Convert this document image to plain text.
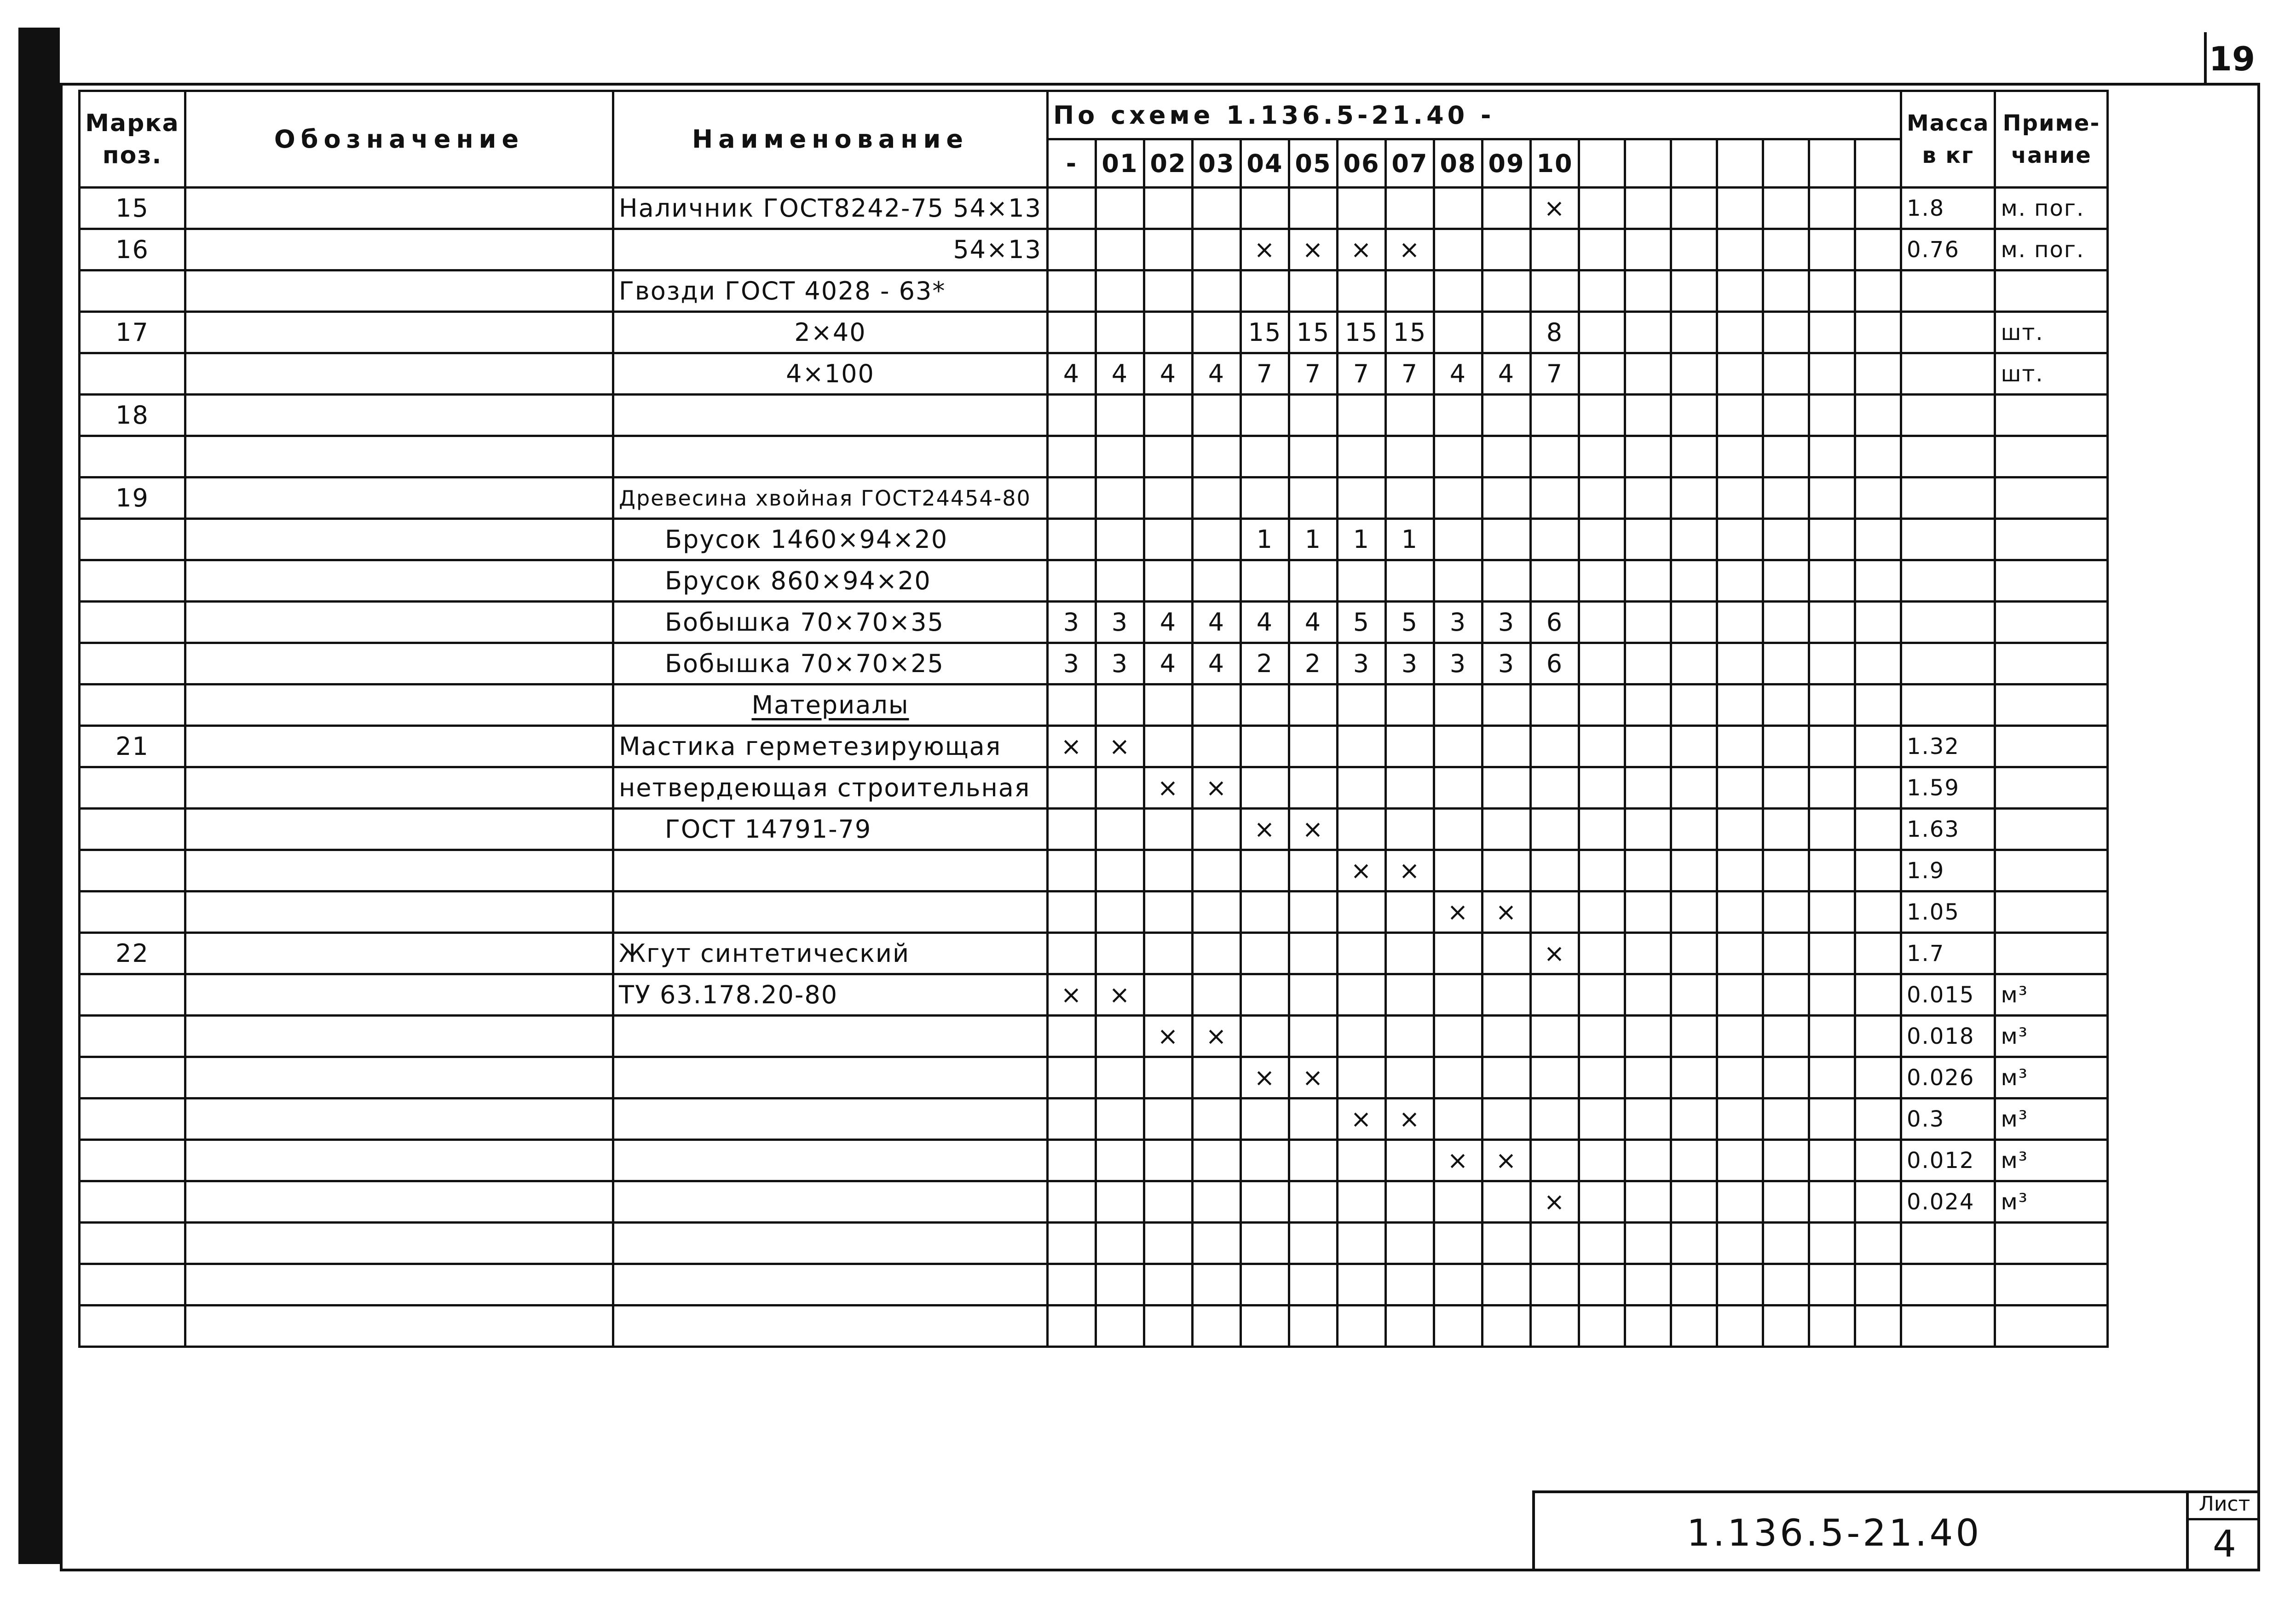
19
Марка поз.	Обозначение	Наименование	По схеме 1.136.5-21.40 -																		Масса в кг	Приме-чание
			-	01	02	03	04	05	06	07	08	09	10									
15		Наличник ГОСТ8242-75 54×13											×								1.8	м. пог.
16		54×13					×	×	×	×											0.76	м. пог.
		Гвозди ГОСТ 4028 - 63*																				
17		2×40					15	15	15	15			8									шт.
		4×100	4	4	4	4	7	7	7	7	4	4	7									шт.
18																						

19		Древесина хвойная ГОСТ24454-80																				
		Брусок 1460×94×20					1	1	1	1												
		Брусок 860×94×20																				
		Бобышка 70×70×35	3	3	4	4	4	4	5	5	3	3	6									
		Бобышка 70×70×25	3	3	4	4	2	2	3	3	3	3	6									
		Материалы																				
21		Мастика герметезирующая	×	×																	1.32	
		нетвердеющая строительная			×	×															1.59	
		ГОСТ 14791-79					×	×													1.63	
									×	×											1.9	
											×	×									1.05	
22		Жгут синтетический											×								1.7	
		ТУ 63.178.20-80	×	×																	0.015	м³
					×	×															0.018	м³
							×	×													0.026	м³
									×	×											0.3	м³
											×	×									0.012	м³
													×								0.024	м³

1.136.5-21.40
Лист
4
